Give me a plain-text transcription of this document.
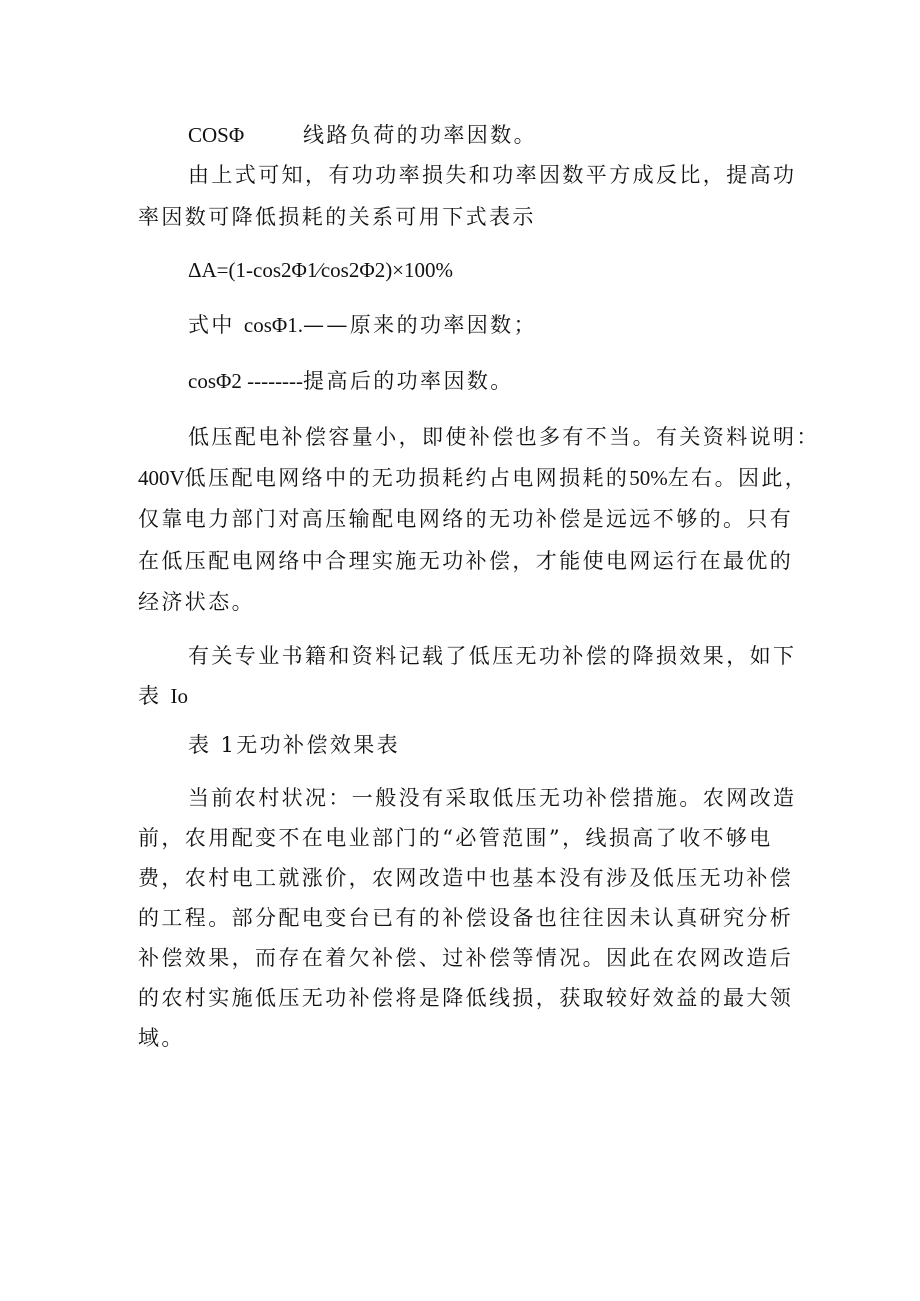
COSΦ	线路负荷的功率因数。
由上式可知，有功功率损失和功率因数平方成反比，提高功
率因数可降低损耗的关系可用下式表示
ΔA=(1-cos2Φ1∕cos2Φ2)×100%
式中 cosΦ1.——原来的功率因数；
cosΦ2 --------提高后的功率因数。
低压配电补偿容量小，即使补偿也多有不当。有关资料说明：
400V低压配电网络中的无功损耗约占电网损耗的50%左右。因此，
仅靠电力部门对高压输配电网络的无功补偿是远远不够的。只有
在低压配电网络中合理实施无功补偿，才能使电网运行在最优的
经济状态。
有关专业书籍和资料记载了低压无功补偿的降损效果，如下
表 Io
表 1无功补偿效果表
当前农村状况：一般没有采取低压无功补偿措施。农网改造
前，农用配变不在电业部门的“必管范围”，线损高了收不够电
费，农村电工就涨价，农网改造中也基本没有涉及低压无功补偿
的工程。部分配电变台已有的补偿设备也往往因未认真研究分析
补偿效果，而存在着欠补偿、过补偿等情况。因此在农网改造后
的农村实施低压无功补偿将是降低线损，获取较好效益的最大领
域。
